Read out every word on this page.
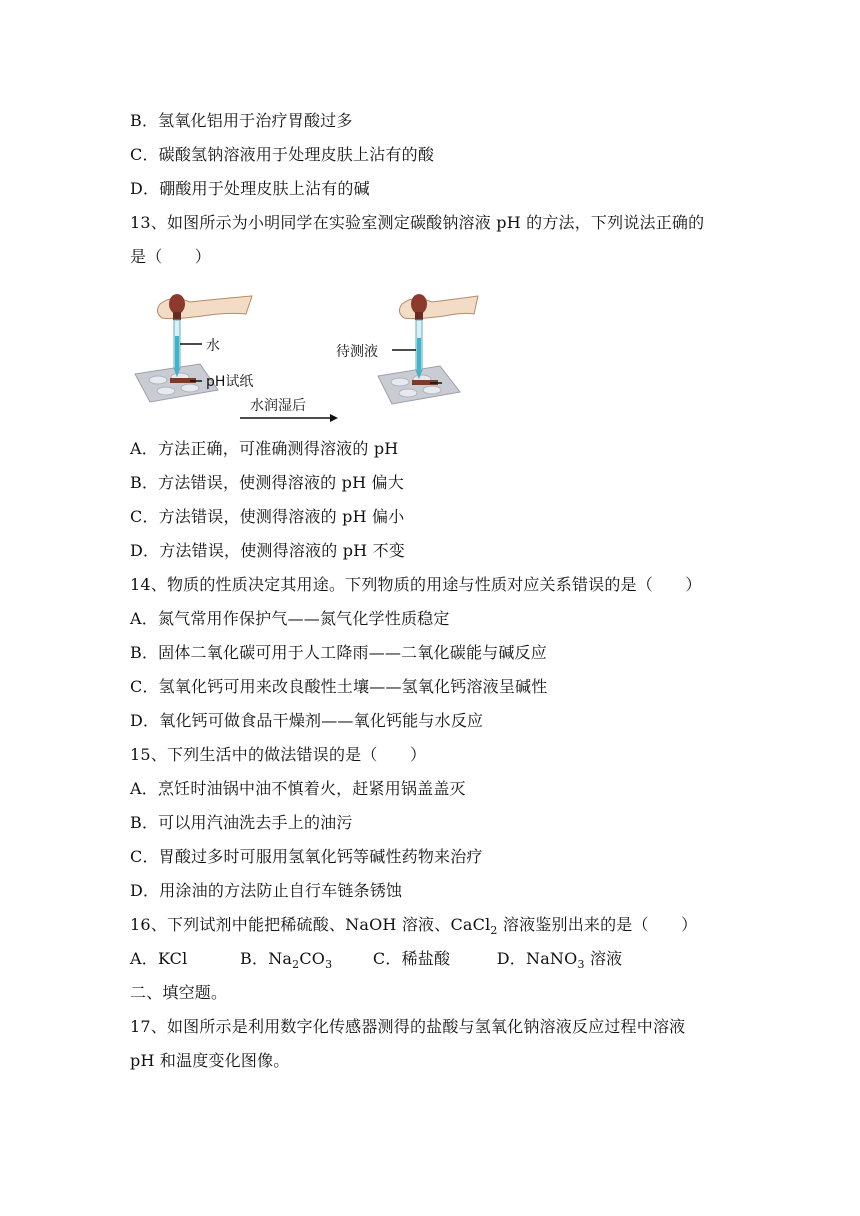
B．氢氧化铝用于治疗胃酸过多
C．碳酸氢钠溶液用于处理皮肤上沾有的酸
D．硼酸用于处理皮肤上沾有的碱
13、如图所示为小明同学在实验室测定碳酸钠溶液 pH 的方法，下列说法正确的
是（　　）
水
pH试纸
水润湿后
待测液
A．方法正确，可准确测得溶液的 pH
B．方法错误，使测得溶液的 pH 偏大
C．方法错误，使测得溶液的 pH 偏小
D．方法错误，使测得溶液的 pH 不变
14、物质的性质决定其用途。下列物质的用途与性质对应关系错误的是（　　）
A．氮气常用作保护气——氮气化学性质稳定
B．固体二氧化碳可用于人工降雨——二氧化碳能与碱反应
C．氢氧化钙可用来改良酸性土壤——氢氧化钙溶液呈碱性
D．氧化钙可做食品干燥剂——氧化钙能与水反应
15、下列生活中的做法错误的是（　　）
A．烹饪时油锅中油不慎着火，赶紧用锅盖盖灭
B．可以用汽油洗去手上的油污
C．胃酸过多时可服用氢氧化钙等碱性药物来治疗
D．用涂油的方法防止自行车链条锈蚀
16、下列试剂中能把稀硫酸、NaOH 溶液、CaCl$_2$ 溶液鉴别出来的是（　　）
A．KCl	B．$Na_2CO_3$	C．稀盐酸	D．NaNO$_3$ 溶液
二、填空题。
17、如图所示是利用数字化传感器测得的盐酸与氢氧化钠溶液反应过程中溶液
pH 和温度变化图像。
